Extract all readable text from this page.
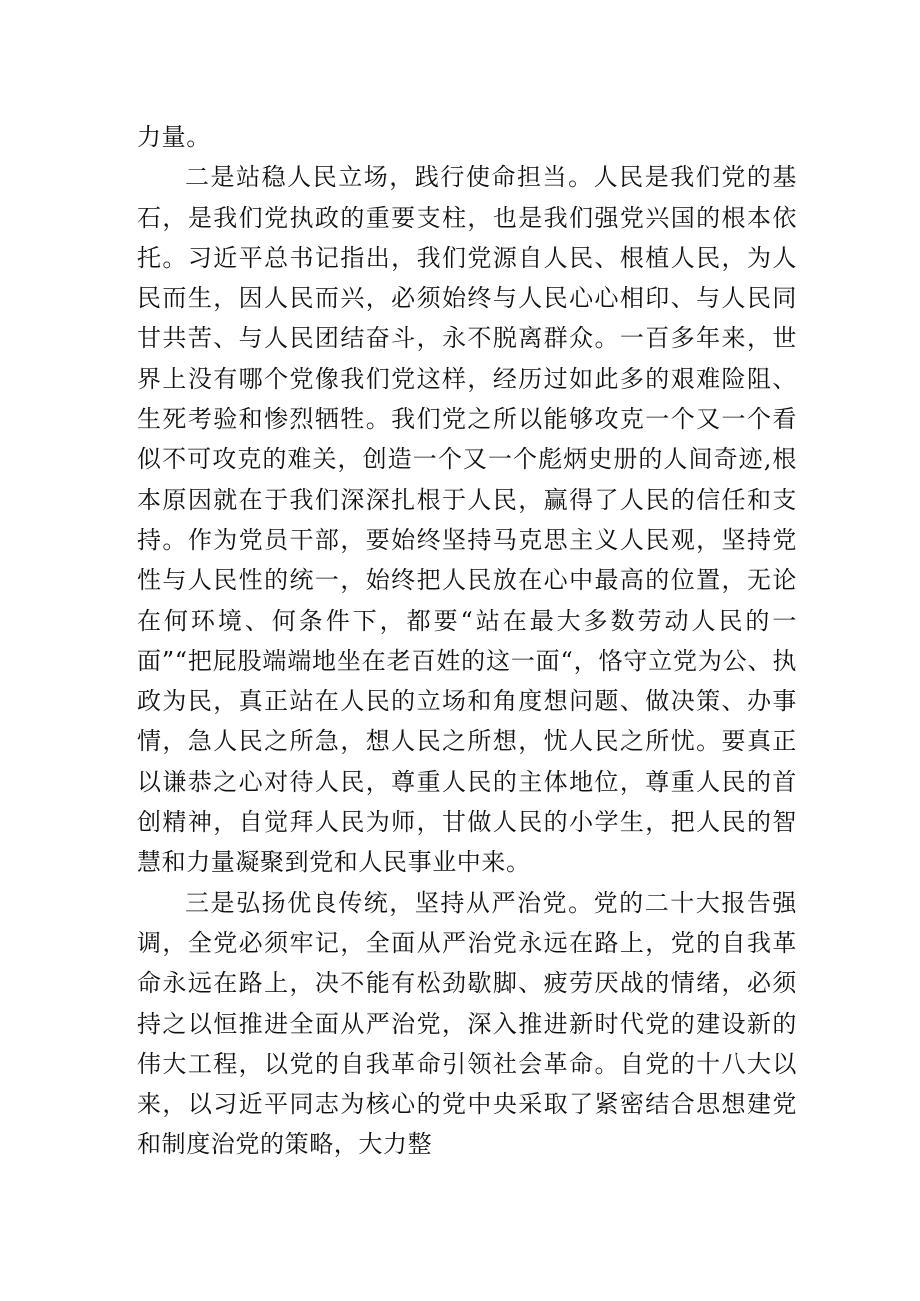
力量。

二是站稳人民立场，践行使命担当。人民是我们党的基石，是我们党执政的重要支柱，也是我们强党兴国的根本依托。习近平总书记指出，我们党源自人民、根植人民，为人民而生，因人民而兴，必须始终与人民心心相印、与人民同甘共苦、与人民团结奋斗，永不脱离群众。一百多年来，世界上没有哪个党像我们党这样，经历过如此多的艰难险阻、生死考验和惨烈牺牲。我们党之所以能够攻克一个又一个看似不可攻克的难关，创造一个又一个彪炳史册的人间奇迹,根本原因就在于我们深深扎根于人民，赢得了人民的信任和支持。作为党员干部，要始终坚持马克思主义人民观，坚持党性与人民性的统一，始终把人民放在心中最高的位置，无论在何环境、何条件下，都要“站在最大多数劳动人民的一面”“把屁股端端地坐在老百姓的这一面“，恪守立党为公、执政为民，真正站在人民的立场和角度想问题、做决策、办事情，急人民之所急，想人民之所想，忧人民之所忧。要真正以谦恭之心对待人民，尊重人民的主体地位，尊重人民的首创精神，自觉拜人民为师，甘做人民的小学生，把人民的智慧和力量凝聚到党和人民事业中来。

三是弘扬优良传统，坚持从严治党。党的二十大报告强调，全党必须牢记，全面从严治党永远在路上，党的自我革命永远在路上，决不能有松劲歇脚、疲劳厌战的情绪，必须持之以恒推进全面从严治党，深入推进新时代党的建设新的伟大工程，以党的自我革命引领社会革命。自党的十八大以来，以习近平同志为核心的党中央采取了紧密结合思想建党和制度治党的策略，大力整
